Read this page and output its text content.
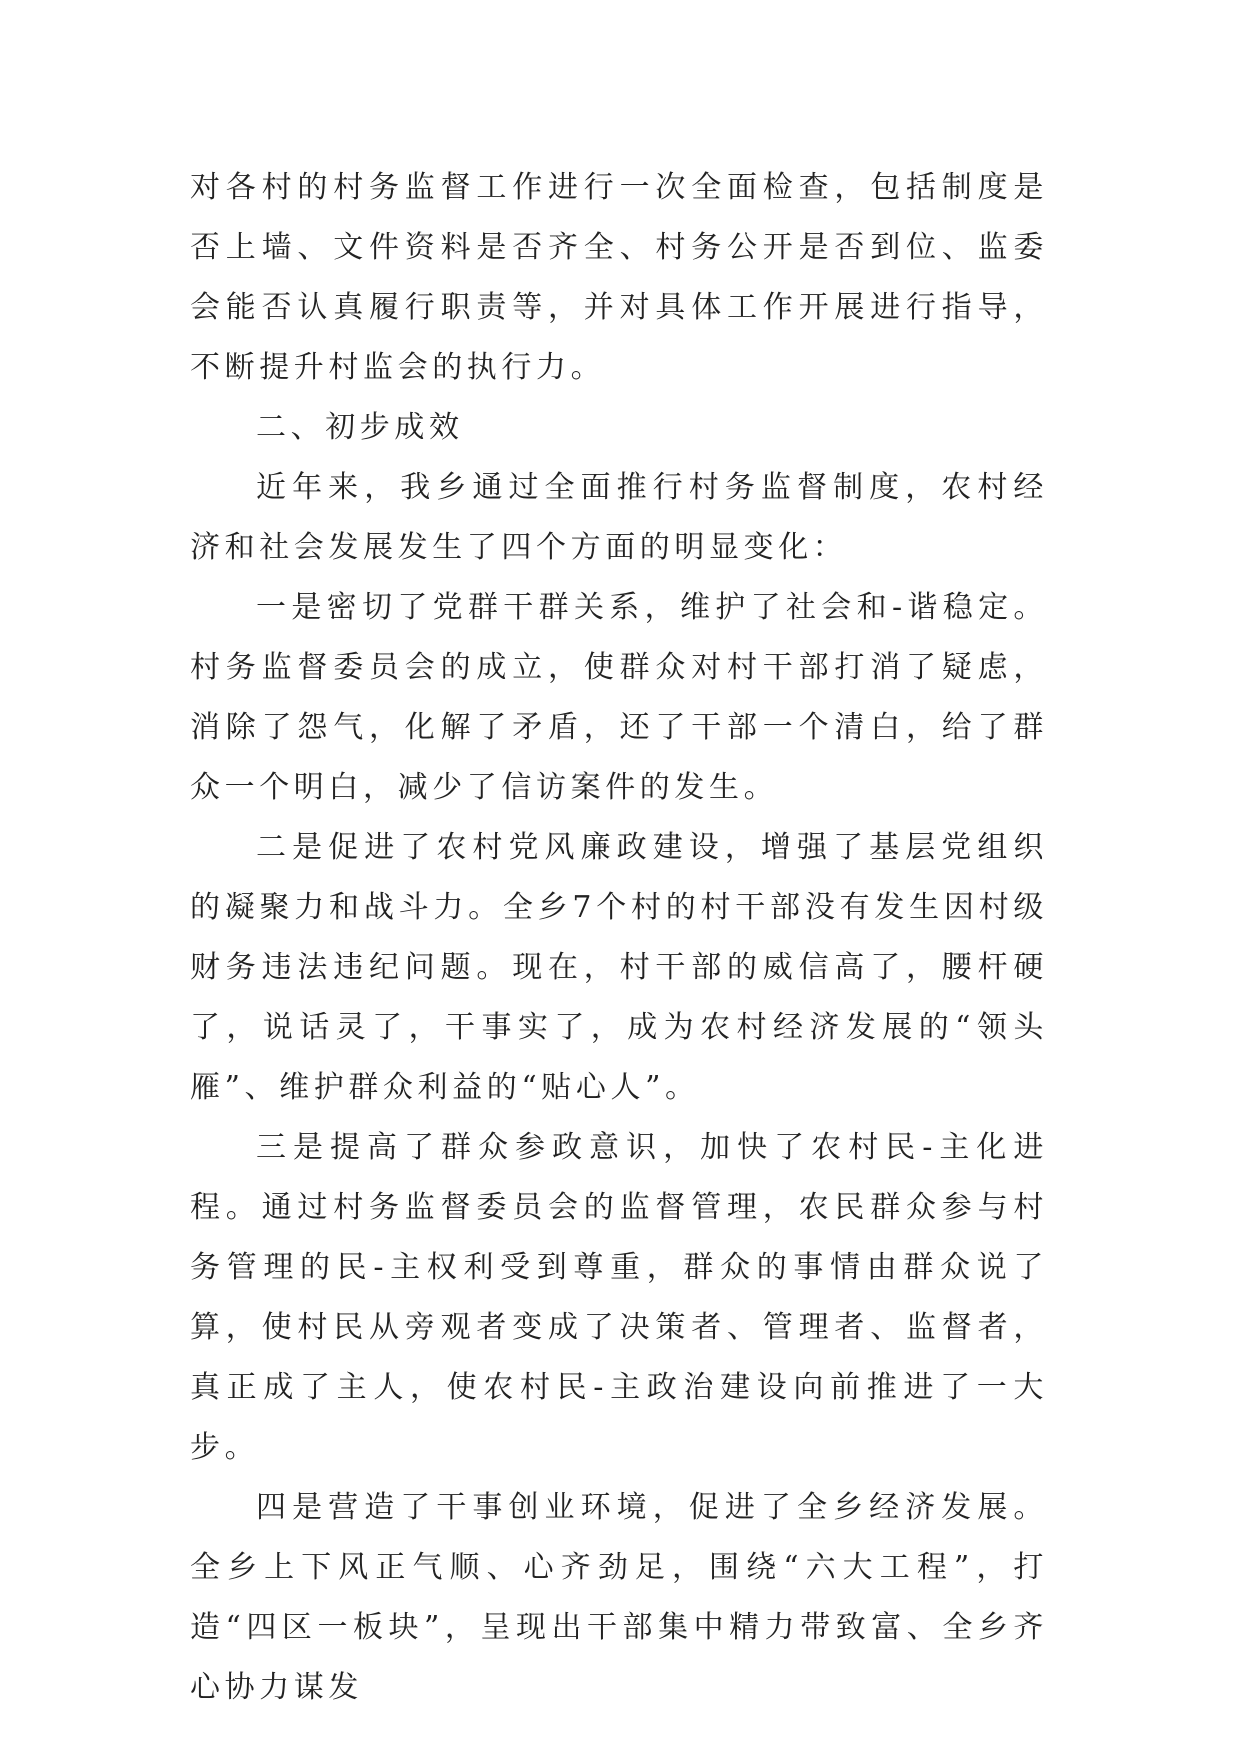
对各村的村务监督工作进行一次全面检查，包括制度是否上墙、文件资料是否齐全、村务公开是否到位、监委会能否认真履行职责等，并对具体工作开展进行指导，不断提升村监会的执行力。

二、初步成效

近年来，我乡通过全面推行村务监督制度，农村经济和社会发展发生了四个方面的明显变化：

一是密切了党群干群关系，维护了社会和-谐稳定。村务监督委员会的成立，使群众对村干部打消了疑虑，消除了怨气，化解了矛盾，还了干部一个清白，给了群众一个明白，减少了信访案件的发生。

二是促进了农村党风廉政建设，增强了基层党组织的凝聚力和战斗力。全乡7个村的村干部没有发生因村级财务违法违纪问题。现在，村干部的威信高了，腰杆硬了，说话灵了，干事实了，成为农村经济发展的“领头雁”、维护群众利益的“贴心人”。

三是提高了群众参政意识，加快了农村民-主化进程。通过村务监督委员会的监督管理，农民群众参与村务管理的民-主权利受到尊重，群众的事情由群众说了算，使村民从旁观者变成了决策者、管理者、监督者，真正成了主人，使农村民-主政治建设向前推进了一大步。

四是营造了干事创业环境，促进了全乡经济发展。全乡上下风正气顺、心齐劲足，围绕“六大工程”，打造“四区一板块”，呈现出干部集中精力带致富、全乡齐心协力谋发
